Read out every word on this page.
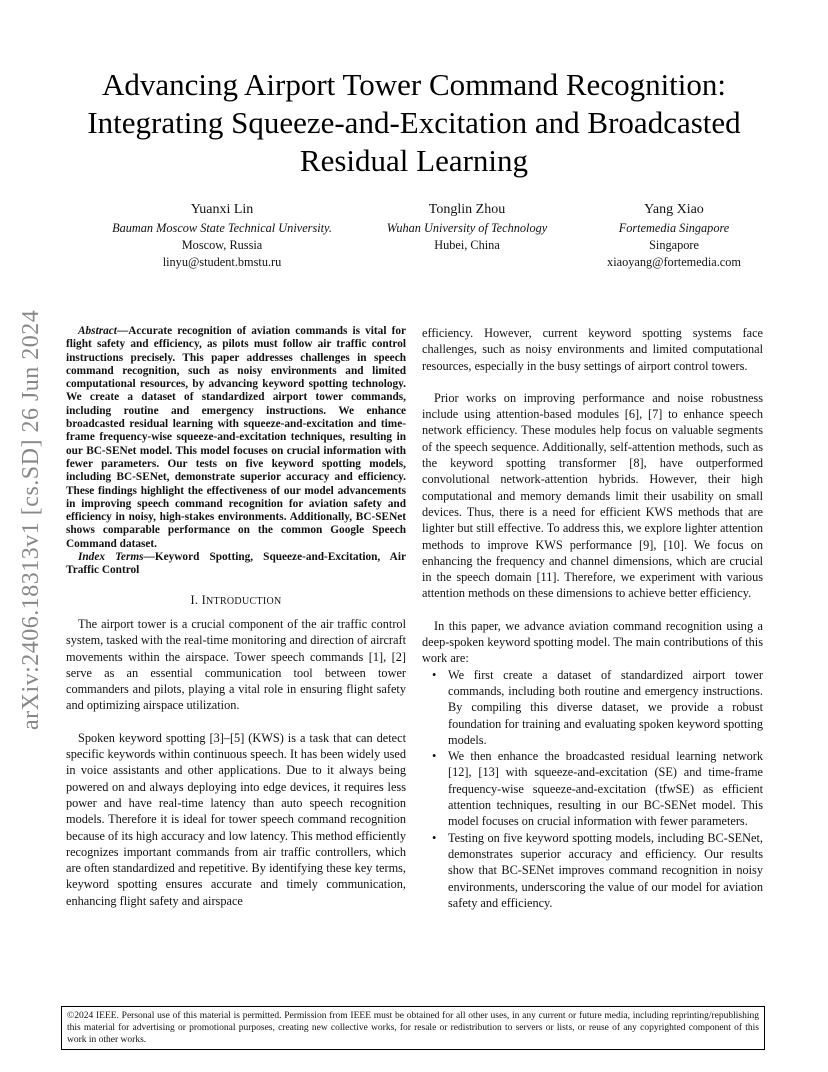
Advancing Airport Tower Command Recognition:
Integrating Squeeze-and-Excitation and Broadcasted
Residual Learning
arXiv:2406.18313v1 [cs.SD] 26 Jun 2024
Yuanxi Lin
Bauman Moscow State Technical University.
Moscow, Russia
linyu@student.bmstu.ru
Tonglin Zhou
Wuhan University of Technology
Hubei, China
Yang Xiao
Fortemedia Singapore
Singapore
xiaoyang@fortemedia.com
Abstract—Accurate recognition of aviation commands is vital for flight safety and efficiency, as pilots must follow air traffic control instructions precisely. This paper addresses challenges in speech command recognition, such as noisy environments and limited computational resources, by advancing keyword spotting technology. We create a dataset of standardized airport tower commands, including routine and emergency instructions. We enhance broadcasted residual learning with squeeze-and-excitation and time-frame frequency-wise squeeze-and-excitation techniques, resulting in our BC-SENet model. This model focuses on crucial information with fewer parameters. Our tests on five keyword spotting models, including BC-SENet, demonstrate superior accuracy and efficiency. These findings highlight the effectiveness of our model advancements in improving speech command recognition for aviation safety and efficiency in noisy, high-stakes environments. Additionally, BC-SENet shows comparable performance on the common Google Speech Command dataset.
Index Terms—Keyword Spotting, Squeeze-and-Excitation, Air Traffic Control
I. INTRODUCTION

The airport tower is a crucial component of the air traffic control system, tasked with the real-time monitoring and direction of aircraft movements within the airspace. Tower speech commands [1], [2] serve as an essential communication tool between tower commanders and pilots, playing a vital role in ensuring flight safety and optimizing airspace utilization.

Spoken keyword spotting [3]–[5] (KWS) is a task that can detect specific keywords within continuous speech. It has been widely used in voice assistants and other applications. Due to it always being powered on and always deploying into edge devices, it requires less power and have real-time latency than auto speech recognition models. Therefore it is ideal for tower speech command recognition because of its high accuracy and low latency. This method efficiently recognizes important commands from air traffic controllers, which are often standardized and repetitive. By identifying these key terms, keyword spotting ensures accurate and timely communication, enhancing flight safety and airspace

efficiency. However, current keyword spotting systems face challenges, such as noisy environments and limited computational resources, especially in the busy settings of airport control towers.

Prior works on improving performance and noise robustness include using attention-based modules [6], [7] to enhance speech network efficiency. These modules help focus on valuable segments of the speech sequence. Additionally, self-attention methods, such as the keyword spotting transformer [8], have outperformed convolutional network-attention hybrids. However, their high computational and memory demands limit their usability on small devices. Thus, there is a need for efficient KWS methods that are lighter but still effective. To address this, we explore lighter attention methods to improve KWS performance [9], [10]. We focus on enhancing the frequency and channel dimensions, which are crucial in the speech domain [11]. Therefore, we experiment with various attention methods on these dimensions to achieve better efficiency.

In this paper, we advance aviation command recognition using a deep-spoken keyword spotting model. The main contributions of this work are:

• We first create a dataset of standardized airport tower commands, including both routine and emergency instructions. By compiling this diverse dataset, we provide a robust foundation for training and evaluating spoken keyword spotting models.
• We then enhance the broadcasted residual learning network [12], [13] with squeeze-and-excitation (SE) and time-frame frequency-wise squeeze-and-excitation (tfwSE) as efficient attention techniques, resulting in our BC-SENet model. This model focuses on crucial information with fewer parameters.
• Testing on five keyword spotting models, including BC-SENet, demonstrates superior accuracy and efficiency. Our results show that BC-SENet improves command recognition in noisy environments, underscoring the value of our model for aviation safety and efficiency.
©2024 IEEE. Personal use of this material is permitted. Permission from IEEE must be obtained for all other uses, in any current or future media, including reprinting/republishing this material for advertising or promotional purposes, creating new collective works, for resale or redistribution to servers or lists, or reuse of any copyrighted component of this work in other works.
